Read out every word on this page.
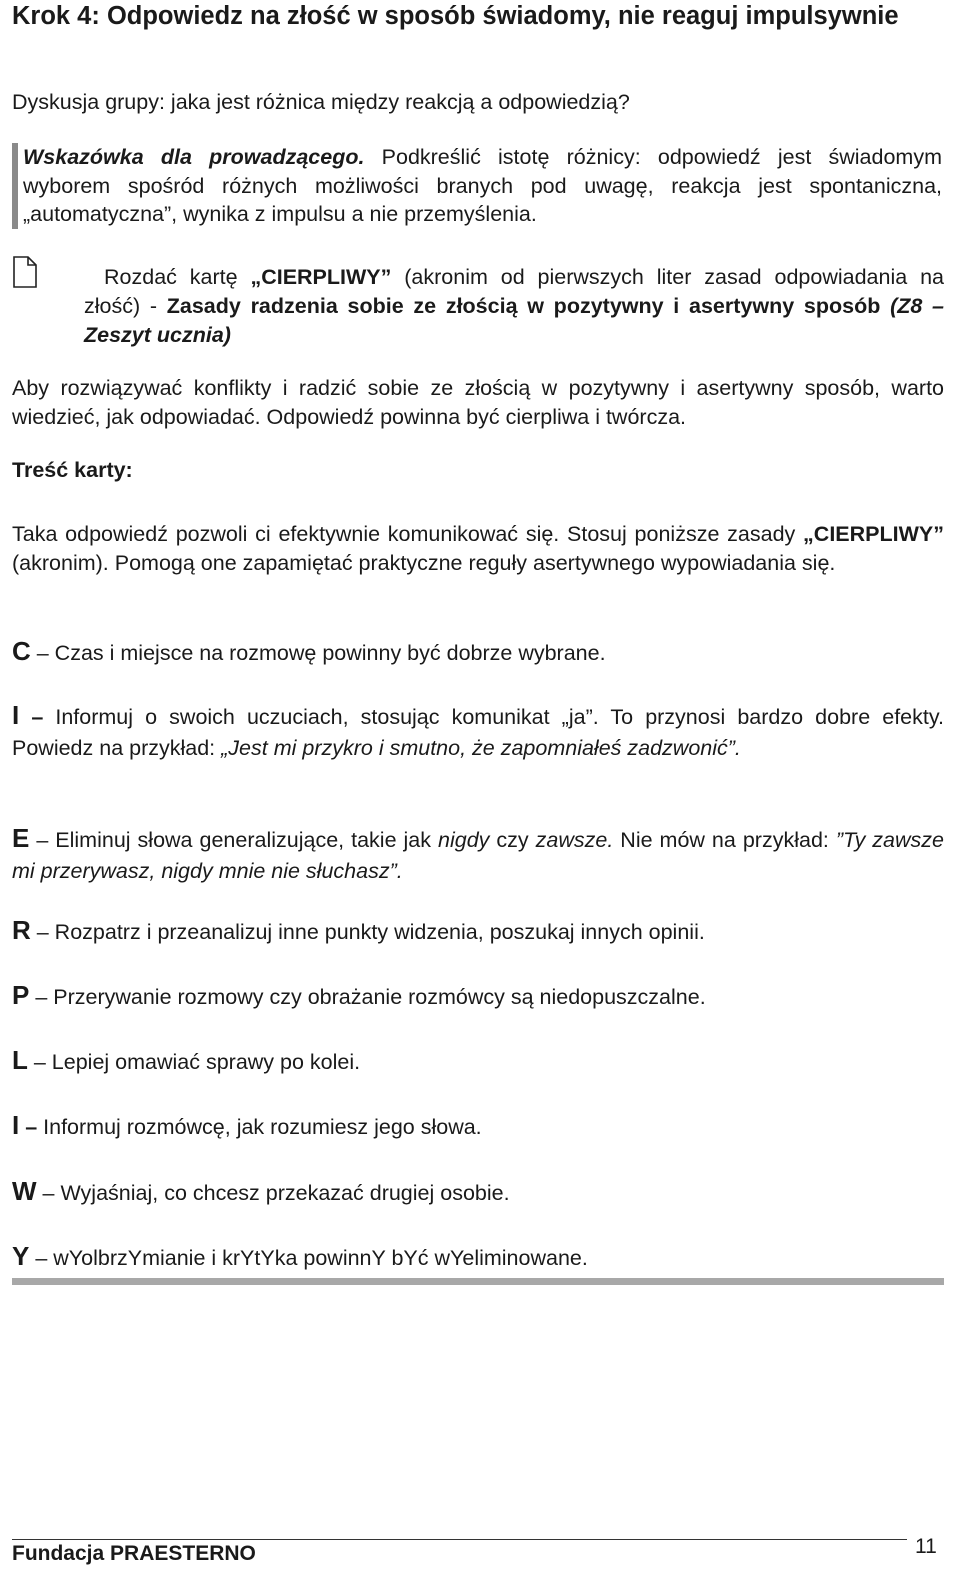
Krok 4: Odpowiedz na złość w sposób świadomy, nie reaguj impulsywnie

Dyskusja grupy: jaka jest różnica między reakcją a odpowiedzią?

Wskazówka dla prowadzącego. Podkreślić istotę różnicy: odpowiedź jest świadomym wyborem spośród różnych możliwości branych pod uwagę, reakcja jest spontaniczna, „automatyczna”, wynika z impulsu a nie przemyślenia.
Rozdać kartę „CIERPLIWY” (akronim od pierwszych liter zasad odpowiadania na złość) - Zasady radzenia sobie ze złością w pozytywny i asertywny sposób (Z8 – Zeszyt ucznia)

Aby rozwiązywać konflikty i radzić sobie ze złością w pozytywny i asertywny sposób, warto wiedzieć, jak odpowiadać. Odpowiedź powinna być cierpliwa i twórcza.

Treść karty:

Taka odpowiedź pozwoli ci efektywnie komunikować się. Stosuj poniższe zasady „CIERPLIWY” (akronim). Pomogą one zapamiętać praktyczne reguły asertywnego wypowiadania się.

C – Czas i miejsce na rozmowę powinny być dobrze wybrane.
I – Informuj o swoich uczuciach, stosując komunikat „ja”. To przynosi bardzo dobre efekty. Powiedz na przykład: „Jest mi przykro i smutno, że zapomniałeś zadzwonić”.
E – Eliminuj słowa generalizujące, takie jak nigdy czy zawsze. Nie mów na przykład: ”Ty zawsze mi przerywasz, nigdy mnie nie słuchasz”.
R – Rozpatrz i przeanalizuj inne punkty widzenia, poszukaj innych opinii.
P – Przerywanie rozmowy czy obrażanie rozmówcy są niedopuszczalne.
L – Lepiej omawiać sprawy po kolei.
I – Informuj rozmówcę, jak rozumiesz jego słowa.
W – Wyjaśniaj, co chcesz przekazać drugiej osobie.
Y – wYolbrzYmianie i krYtYka powinnY bYć wYeliminowane.
Fundacja PRAESTERNO	11
